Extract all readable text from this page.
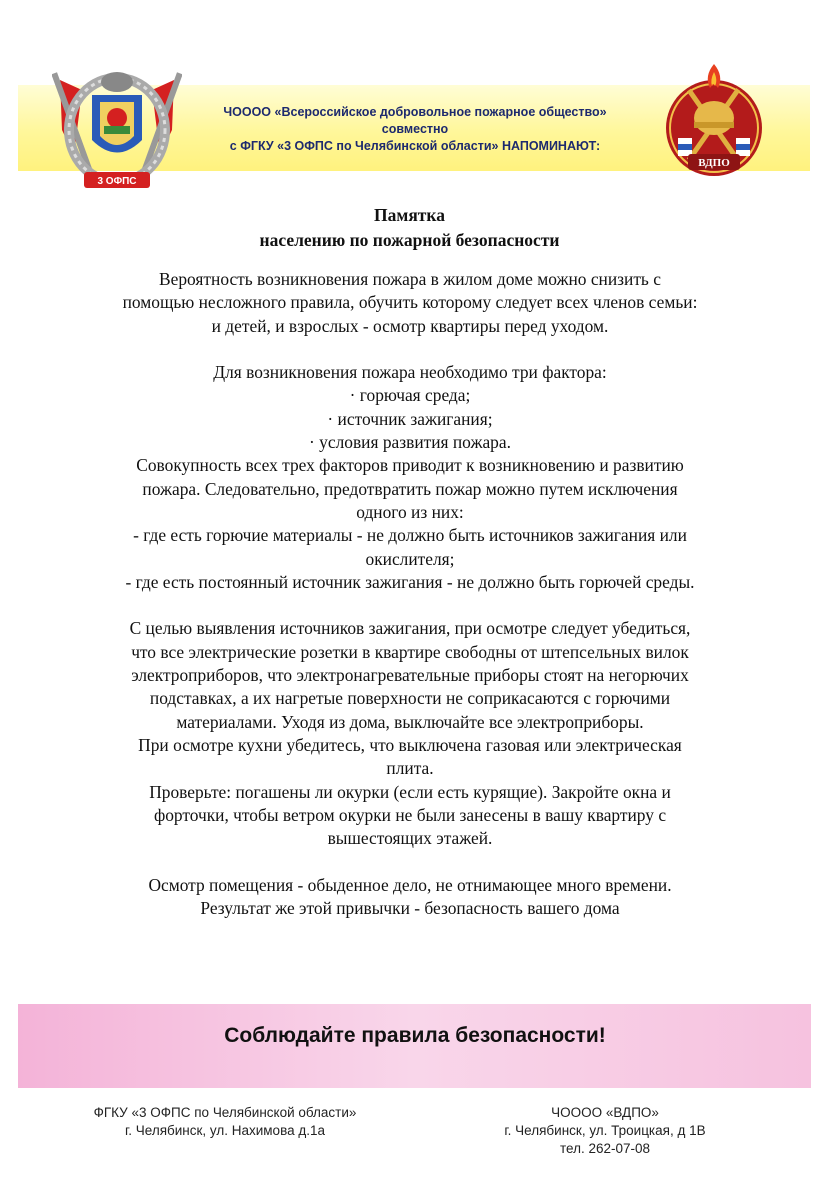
3 ОФПС
ВДПО
ЧОООО «Всероссийское добровольное пожарное общество»
совместно
с ФГКУ «3 ОФПС по Челябинской области» НАПОМИНАЮТ:
Памятка
населению по пожарной безопасности
Вероятность возникновения пожара в жилом доме можно снизить с
помощью несложного правила, обучить которому следует всех членов семьи:
и детей, и взрослых - осмотр квартиры перед уходом.
Для возникновения пожара необходимо три фактора:
· горючая среда;
· источник зажигания;
· условия развития пожара.
Совокупность всех трех факторов приводит к возникновению и развитию
пожара. Следовательно, предотвратить пожар можно путем исключения
одного из них:
- где есть горючие материалы - не должно быть источников зажигания или
окислителя;
- где есть постоянный источник зажигания - не должно быть горючей среды.
С целью выявления источников зажигания, при осмотре следует убедиться,
что все электрические розетки в квартире свободны от штепсельных вилок
электроприборов, что электронагревательные приборы стоят на негорючих
подставках, а их нагретые поверхности не соприкасаются с горючими
материалами. Уходя из дома, выключайте все электроприборы.
При осмотре кухни убедитесь, что выключена газовая или электрическая
плита.
Проверьте: погашены ли окурки (если есть курящие). Закройте окна и
форточки, чтобы ветром окурки не были занесены в вашу квартиру с
вышестоящих этажей.
Осмотр помещения - обыденное дело, не отнимающее много времени.
Результат же этой привычки - безопасность вашего дома
Соблюдайте правила безопасности!
ФГКУ «3 ОФПС по Челябинской области»
г. Челябинск, ул. Нахимова д.1а
ЧОООО «ВДПО»
г. Челябинск, ул. Троицкая, д 1В
тел. 262-07-08
